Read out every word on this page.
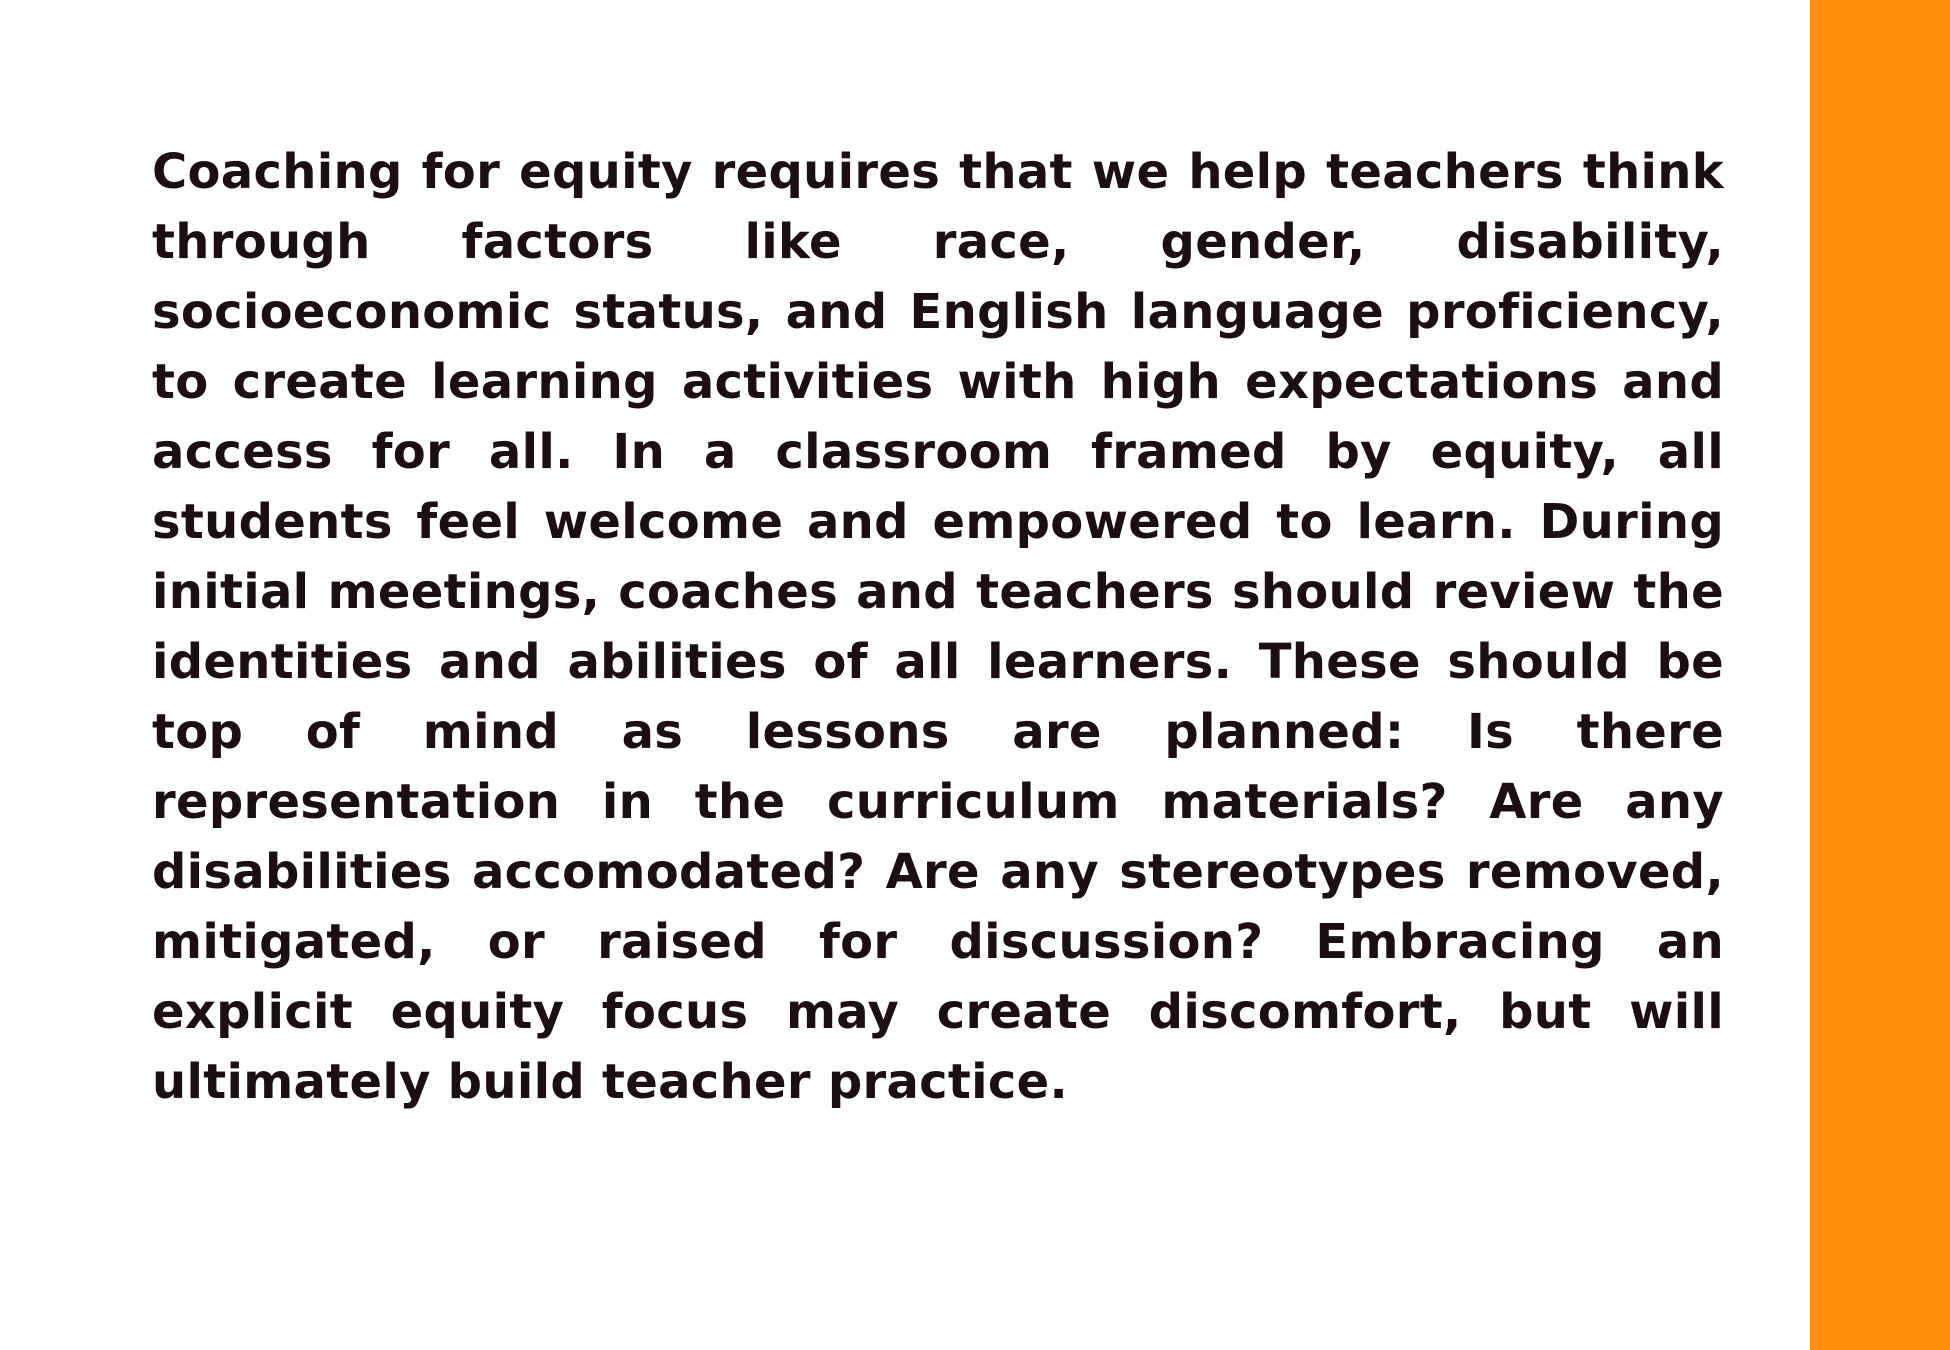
Coaching for equity requires that we help teachers think through factors like race, gender, disability, socioeconomic status, and English language proficiency, to create learning activities with high expectations and access for all. In a classroom framed by equity, all students feel welcome and empowered to learn. During initial meetings, coaches and teachers should review the identities and abilities of all learners. These should be top of mind as lessons are planned: Is there representation in the curriculum materials? Are any disabilities accomodated? Are any stereotypes removed, mitigated, or raised for discussion? Embracing an explicit equity focus may create discomfort, but will ultimately build teacher practice.
